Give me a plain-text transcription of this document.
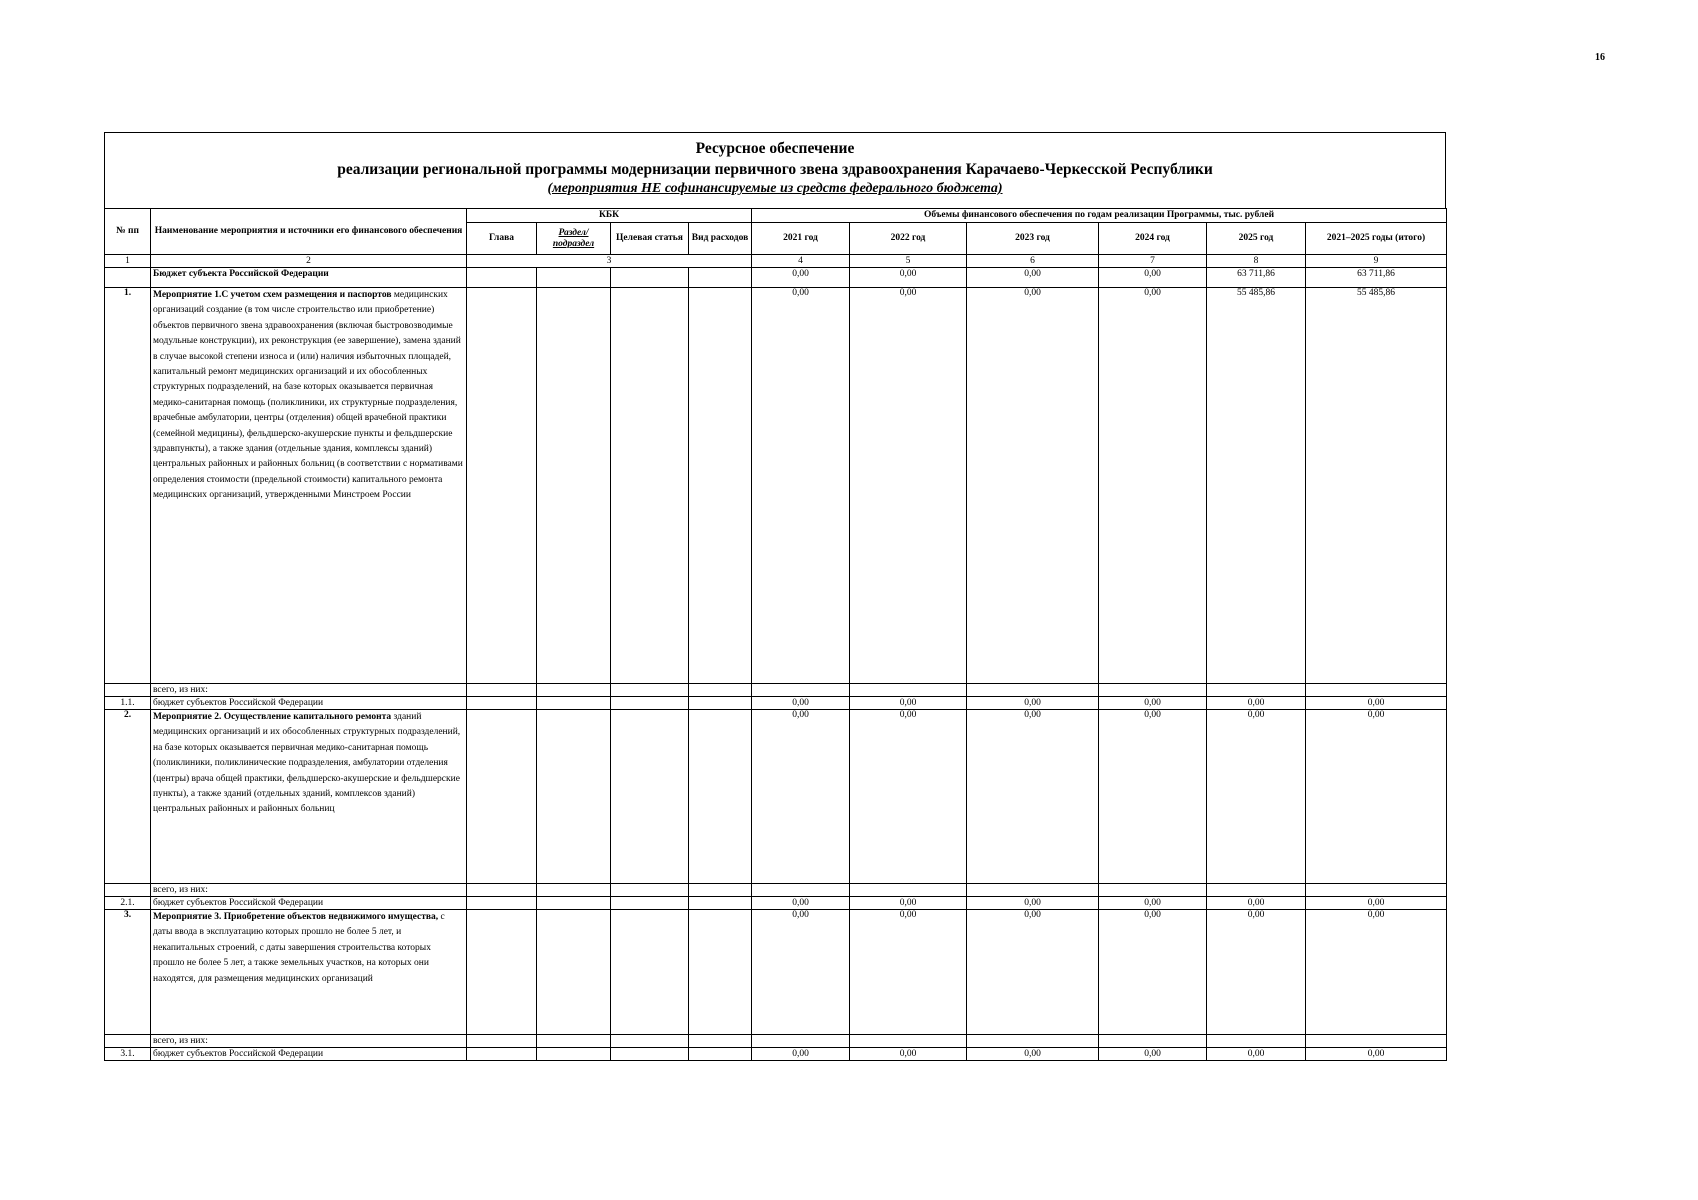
16
Ресурсное обеспечение
реализации региональной программы модернизации первичного звена здравоохранения Карачаево-Черкесской Республики
(мероприятия НЕ софинансируемые из средств федерального бюджета)
№ пп	Наименование мероприятия и источники его финансового обеспечения	КБК				Объемы финансового обеспечения по годам реализации Программы, тыс. рублей					
		Глава	Раздел/ подраздел	Целевая статья	Вид расходов	2021 год	2022 год	2023 год	2024 год	2025 год	2021–2025 годы (итого)
1	2	3				4	5	6	7	8	9
	Бюджет субъекта Российской Федерации					0,00	0,00	0,00	0,00	63 711,86	63 711,86
1.	Мероприятие 1.С учетом схем размещения и паспортов медицинских организаций создание (в том числе строительство или приобретение) объектов первичного звена здравоохранения (включая быстровозводимые модульные конструкции), их реконструкция (ее завершение), замена зданий в случае высокой степени износа и (или) наличия избыточных площадей, капитальный ремонт медицинских организаций и их обособленных структурных подразделений, на базе которых оказывается первичная медико-санитарная помощь (поликлиники, их структурные подразделения, врачебные амбулатории, центры (отделения) общей врачебной практики (семейной медицины), фельдшерско-акушерские пункты и фельдшерские здравпункты), а также здания (отдельные здания, комплексы зданий) центральных районных и районных больниц (в соответствии с нормативами определения стоимости (предельной стоимости) капитального ремонта медицинских организаций, утвержденными Минстроем России					0,00	0,00	0,00	0,00	55 485,86	55 485,86
	всего, из них:										
1.1.	бюджет субъектов Российской Федерации					0,00	0,00	0,00	0,00	0,00	0,00
2.	Мероприятие 2. Осуществление капитального ремонта зданий медицинских организаций и их обособленных структурных подразделений, на базе которых оказывается первичная медико-санитарная помощь (поликлиники, поликлинические подразделения, амбулатории отделения (центры) врача общей практики, фельдшерско-акушерские и фельдшерские пункты), а также зданий (отдельных зданий, комплексов зданий) центральных районных и районных больниц					0,00	0,00	0,00	0,00	0,00	0,00
	всего, из них:										
2.1.	бюджет субъектов Российской Федерации					0,00	0,00	0,00	0,00	0,00	0,00
3.	Мероприятие 3. Приобретение объектов недвижимого имущества, с даты ввода в эксплуатацию которых прошло не более 5 лет, и некапитальных строений, с даты завершения строительства которых прошло не более 5 лет, а также земельных участков, на которых они находятся, для размещения медицинских организаций					0,00	0,00	0,00	0,00	0,00	0,00
	всего, из них:										
3.1.	бюджет субъектов Российской Федерации					0,00	0,00	0,00	0,00	0,00	0,00
